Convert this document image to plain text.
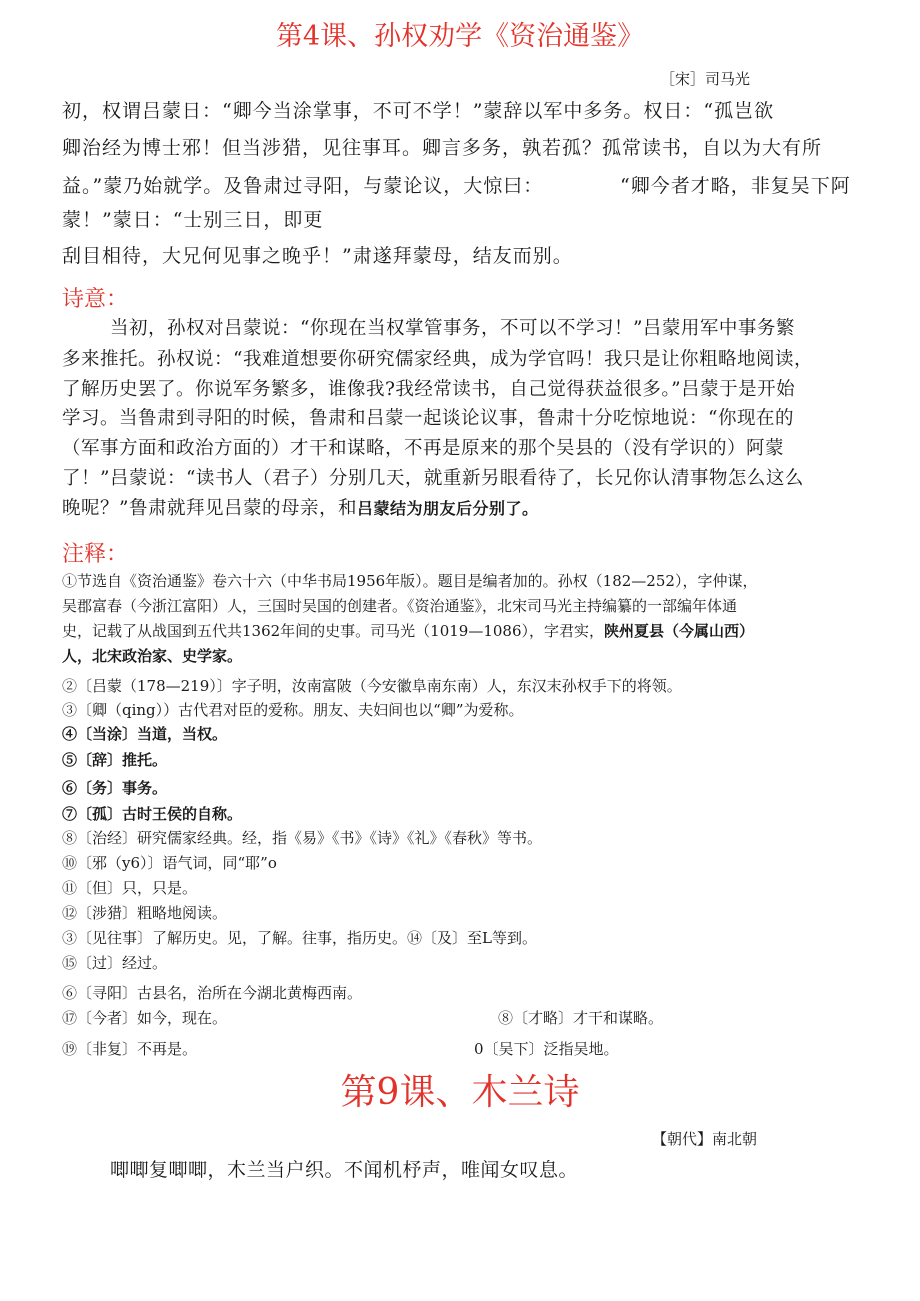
第4课、孙权劝学《资治通鉴》
［宋］司马光
初，权谓吕蒙日：“卿今当涂掌事，不可不学！”蒙辞以军中多务。权日：“孤岂欲
卿治经为博士邪！但当涉猎，见往事耳。卿言多务，孰若孤？孤常读书，自以为大有所
益。”蒙乃始就学。及鲁肃过寻阳，与蒙论议，大惊曰：	“卿今者才略，非复吴下阿
蒙！”蒙日：“士别三日，即更
刮目相待，大兄何见事之晚乎！”肃遂拜蒙母，结友而别。
诗意：
当初，孙权对吕蒙说：“你现在当权掌管事务，不可以不学习！”吕蒙用军中事务繁
多来推托。孙权说：“我难道想要你研究儒家经典，成为学官吗！我只是让你粗略地阅读，
了解历史罢了。你说军务繁多，谁像我?我经常读书，自己觉得获益很多。”吕蒙于是开始
学习。当鲁肃到寻阳的时候，鲁肃和吕蒙一起谈论议事，鲁肃十分吃惊地说：“你现在的
（军事方面和政治方面的）才干和谋略，不再是原来的那个吴县的（没有学识的）阿蒙
了！”吕蒙说：“读书人（君子）分别几天，就重新另眼看待了，长兄你认清事物怎么这么
晚呢？”鲁肃就拜见吕蒙的母亲，和吕蒙结为朋友后分别了。
注释：
①节选自《资治通鉴》卷六十六（中华书局1956年版）。题目是编者加的。孙权（182—252），字仲谋，
吴郡富春（今浙江富阳）人，三国时吴国的创建者。《资治通鉴》，北宋司马光主持编纂的一部编年体通
史，记载了从战国到五代共1362年间的史事。司马光（1019—1086），字君实，陕州夏县（今属山西）
人，北宋政治家、史学家。
②〔吕蒙（178—219）〕字子明，汝南富陂（今安徽阜南东南）人，东汉末孙权手下的将领。
③〔卿（qing））古代君对臣的爱称。朋友、夫妇间也以“卿”为爱称。
④〔当涂〕当道，当权。
⑤〔辞〕推托。
⑥〔务〕事务。
⑦〔孤〕古时王侯的自称。
⑧〔治经〕研究儒家经典。经，指《易》《书》《诗》《礼》《春秋》等书。
⑩〔邪（y6）〕语气词，同“耶”o
⑪〔但〕只，只是。
⑫〔涉猎〕粗略地阅读。
③〔见往事〕了解历史。见，了解。往事，指历史。⑭〔及〕至L等到。
⑮〔过〕经过。
⑥〔寻阳〕古县名，治所在今湖北黄梅西南。
⑰〔今者〕如今，现在。	⑧〔才略〕才干和谋略。
⑲〔非复〕不再是。	0〔吴下〕泛指吴地。
第9课、木兰诗
【朝代】南北朝
唧唧复唧唧，木兰当户织。不闻机杼声，唯闻女叹息。
